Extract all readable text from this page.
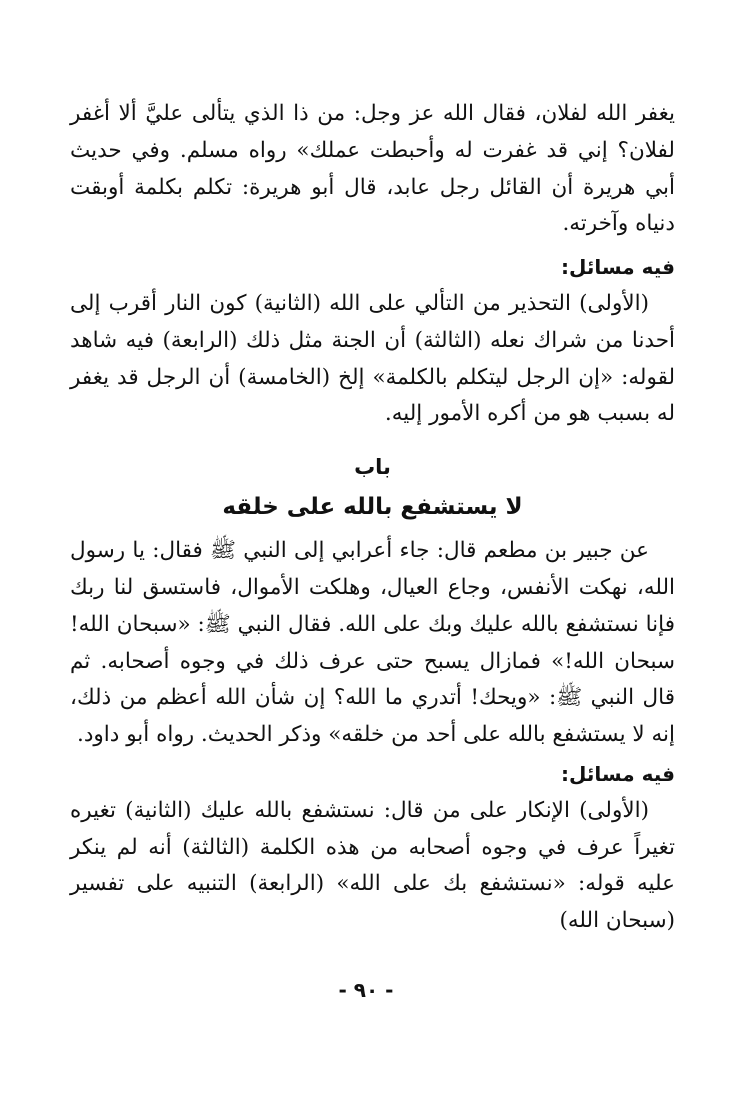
يغفر الله لفلان، فقال الله عز وجل: من ذا الذي يتألى عليَّ ألا أغفر لفلان؟ إني قد غفرت له وأحبطت عملك» رواه مسلم. وفي حديث أبي هريرة أن القائل رجل عابد، قال أبو هريرة: تكلم بكلمة أوبقت دنياه وآخرته.

فيه مسائل:

(الأولى) التحذير من التألي على الله (الثانية) كون النار أقرب إلى أحدنا من شراك نعله (الثالثة) أن الجنة مثل ذلك (الرابعة) فيه شاهد لقوله: «إن الرجل ليتكلم بالكلمة» إلخ (الخامسة) أن الرجل قد يغفر له بسبب هو من أكره الأمور إليه.

باب

لا يستشفع بالله على خلقه

عن جبير بن مطعم قال: جاء أعرابي إلى النبي ﷺ فقال: يا رسول الله، نهكت الأنفس، وجاع العيال، وهلكت الأموال، فاستسق لنا ربك فإنا نستشفع بالله عليك وبك على الله. فقال النبي ﷺ: «سبحان الله! سبحان الله!» فمازال يسبح حتى عرف ذلك في وجوه أصحابه. ثم قال النبي ﷺ: «ويحك! أتدري ما الله؟ إن شأن الله أعظم من ذلك، إنه لا يستشفع بالله على أحد من خلقه» وذكر الحديث. رواه أبو داود.

فيه مسائل:

(الأولى) الإنكار على من قال: نستشفع بالله عليك (الثانية) تغيره تغيراً عرف في وجوه أصحابه من هذه الكلمة (الثالثة) أنه لم ينكر عليه قوله: «نستشفع بك على الله» (الرابعة) التنبيه على تفسير (سبحان الله)

- ٩٠ -
